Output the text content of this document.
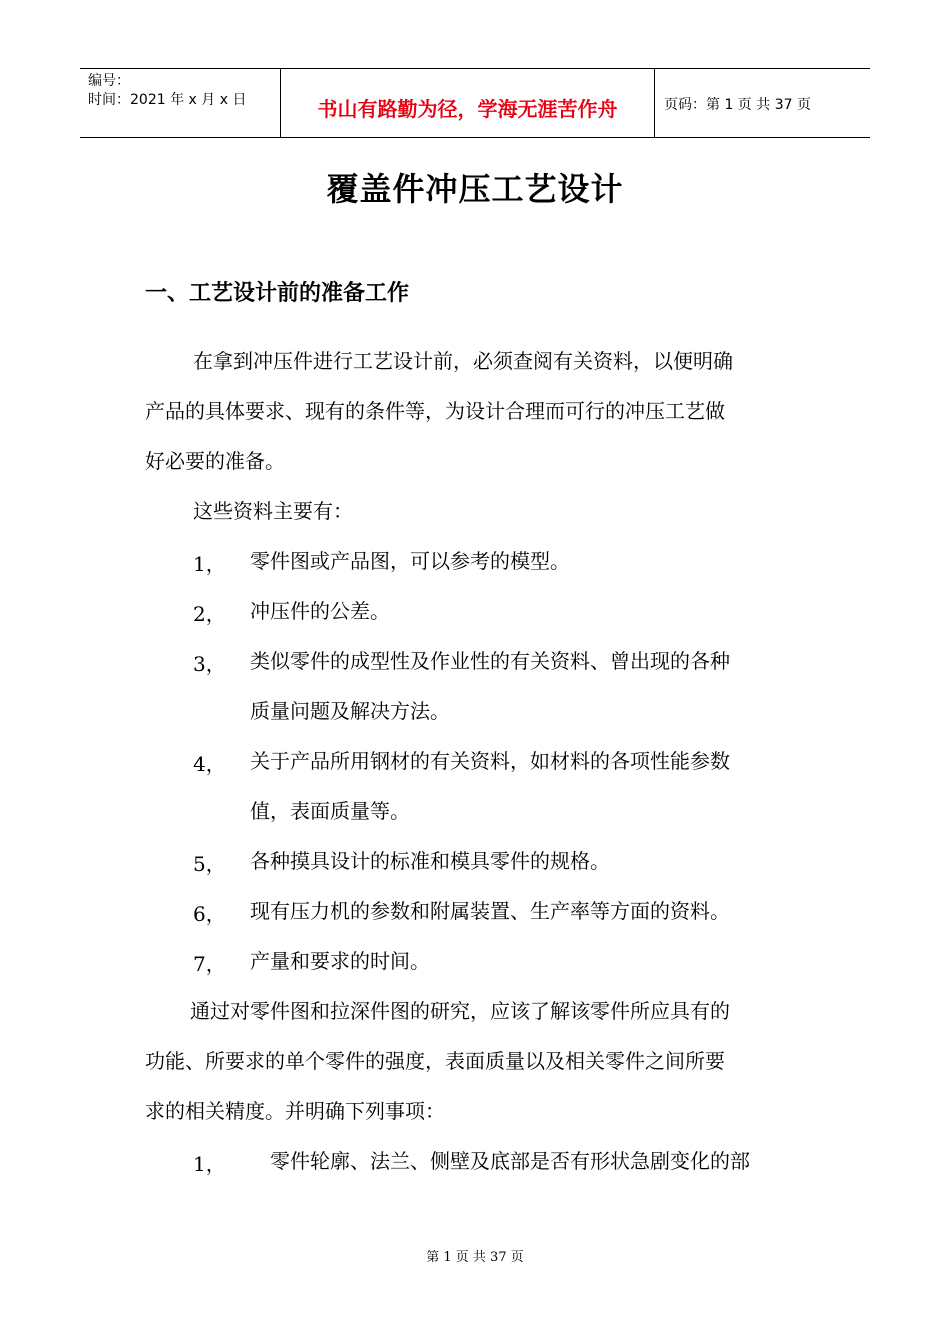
编号：
时间：2021 年 x 月 x 日	书山有路勤为径，学海无涯苦作舟	页码：第 1 页 共 37 页
覆盖件冲压工艺设计
一、工艺设计前的准备工作
在拿到冲压件进行工艺设计前，必须查阅有关资料，以便明确
产品的具体要求、现有的条件等，为设计合理而可行的冲压工艺做
好必要的准备。
这些资料主要有：
1， 零件图或产品图，可以参考的模型。
2， 冲压件的公差。
3， 类似零件的成型性及作业性的有关资料、曾出现的各种
质量问题及解决方法。
4， 关于产品所用钢材的有关资料，如材料的各项性能参数
值，表面质量等。
5， 各种摸具设计的标准和模具零件的规格。
6， 现有压力机的参数和附属装置、生产率等方面的资料。
7， 产量和要求的时间。
通过对零件图和拉深件图的研究，应该了解该零件所应具有的
功能、所要求的单个零件的强度，表面质量以及相关零件之间所要
求的相关精度。并明确下列事项：
1， 零件轮廓、法兰、侧壁及底部是否有形状急剧变化的部
第 1 页 共 37 页
